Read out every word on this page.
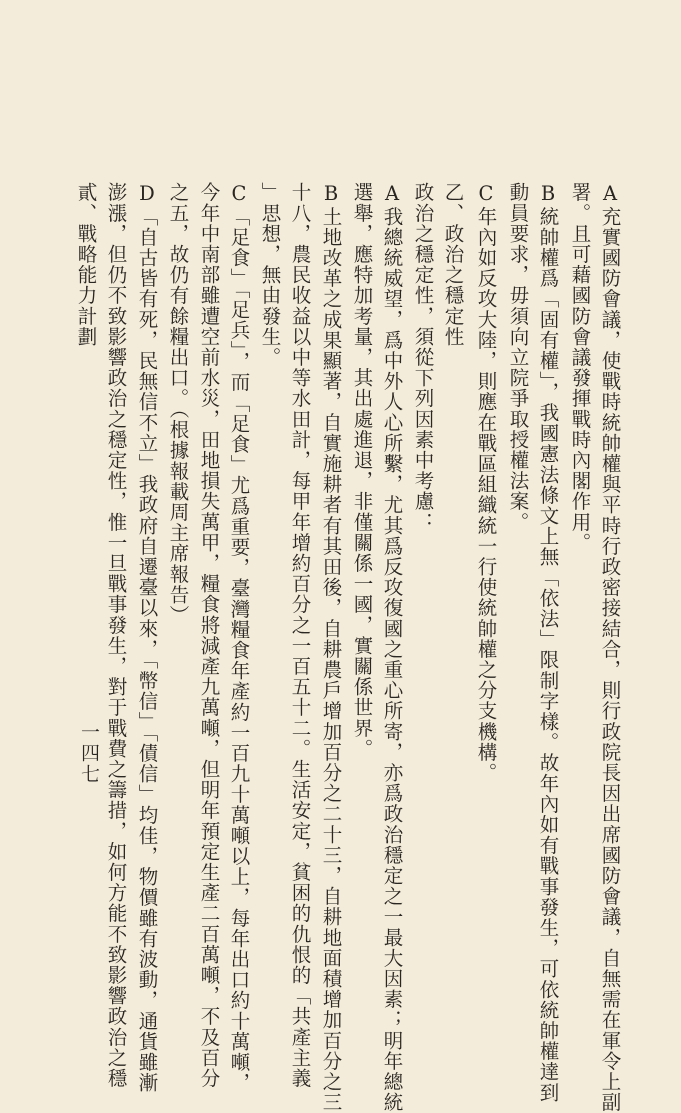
A充實國防會議，使戰時統帥權與平時行政密接結合，則行政院長因出席國防會議，自無需在軍令上副
署。且可藉國防會議發揮戰時內閣作用。
B統帥權爲「固有權」，我國憲法條文上無「依法」限制字樣。故年內如有戰事發生，可依統帥權達到
動員要求，毋須向立院爭取授權法案。
C年內如反攻大陸，則應在戰區組織統一行使統帥權之分支機構。
乙、政治之穩定性
政治之穩定性，須從下列因素中考慮：
A我總統威望，爲中外人心所繫，尤其爲反攻復國之重心所寄，亦爲政治穩定之一最大因素；明年總統
選舉，應特加考量，其出處進退，非僅關係一國，實關係世界。
B土地改革之成果顯著，自實施耕者有其田後，自耕農戶增加百分之二十三，自耕地面積增加百分之三
十八，農民收益以中等水田計，每甲年增約百分之一百五十二。生活安定，貧困的仇恨的「共產主義
」思想，無由發生。
C「足食」「足兵」，而「足食」尤爲重要，臺灣糧食年產約一百九十萬噸以上，每年出口約十萬噸，
今年中南部雖遭空前水災，田地損失萬甲，糧食將減產九萬噸，但明年預定生產二百萬噸，不及百分
之五，故仍有餘糧出口。（根據報載周主席報告）
D「自古皆有死，民無信不立」我政府自遷臺以來，「幣信」「債信」均佳，物價雖有波動，通貨雖漸
澎漲，但仍不致影響政治之穩定性，惟一旦戰事發生，對于戰費之籌措，如何方能不致影響政治之穩
貳、戰略能力計劃
一四七
